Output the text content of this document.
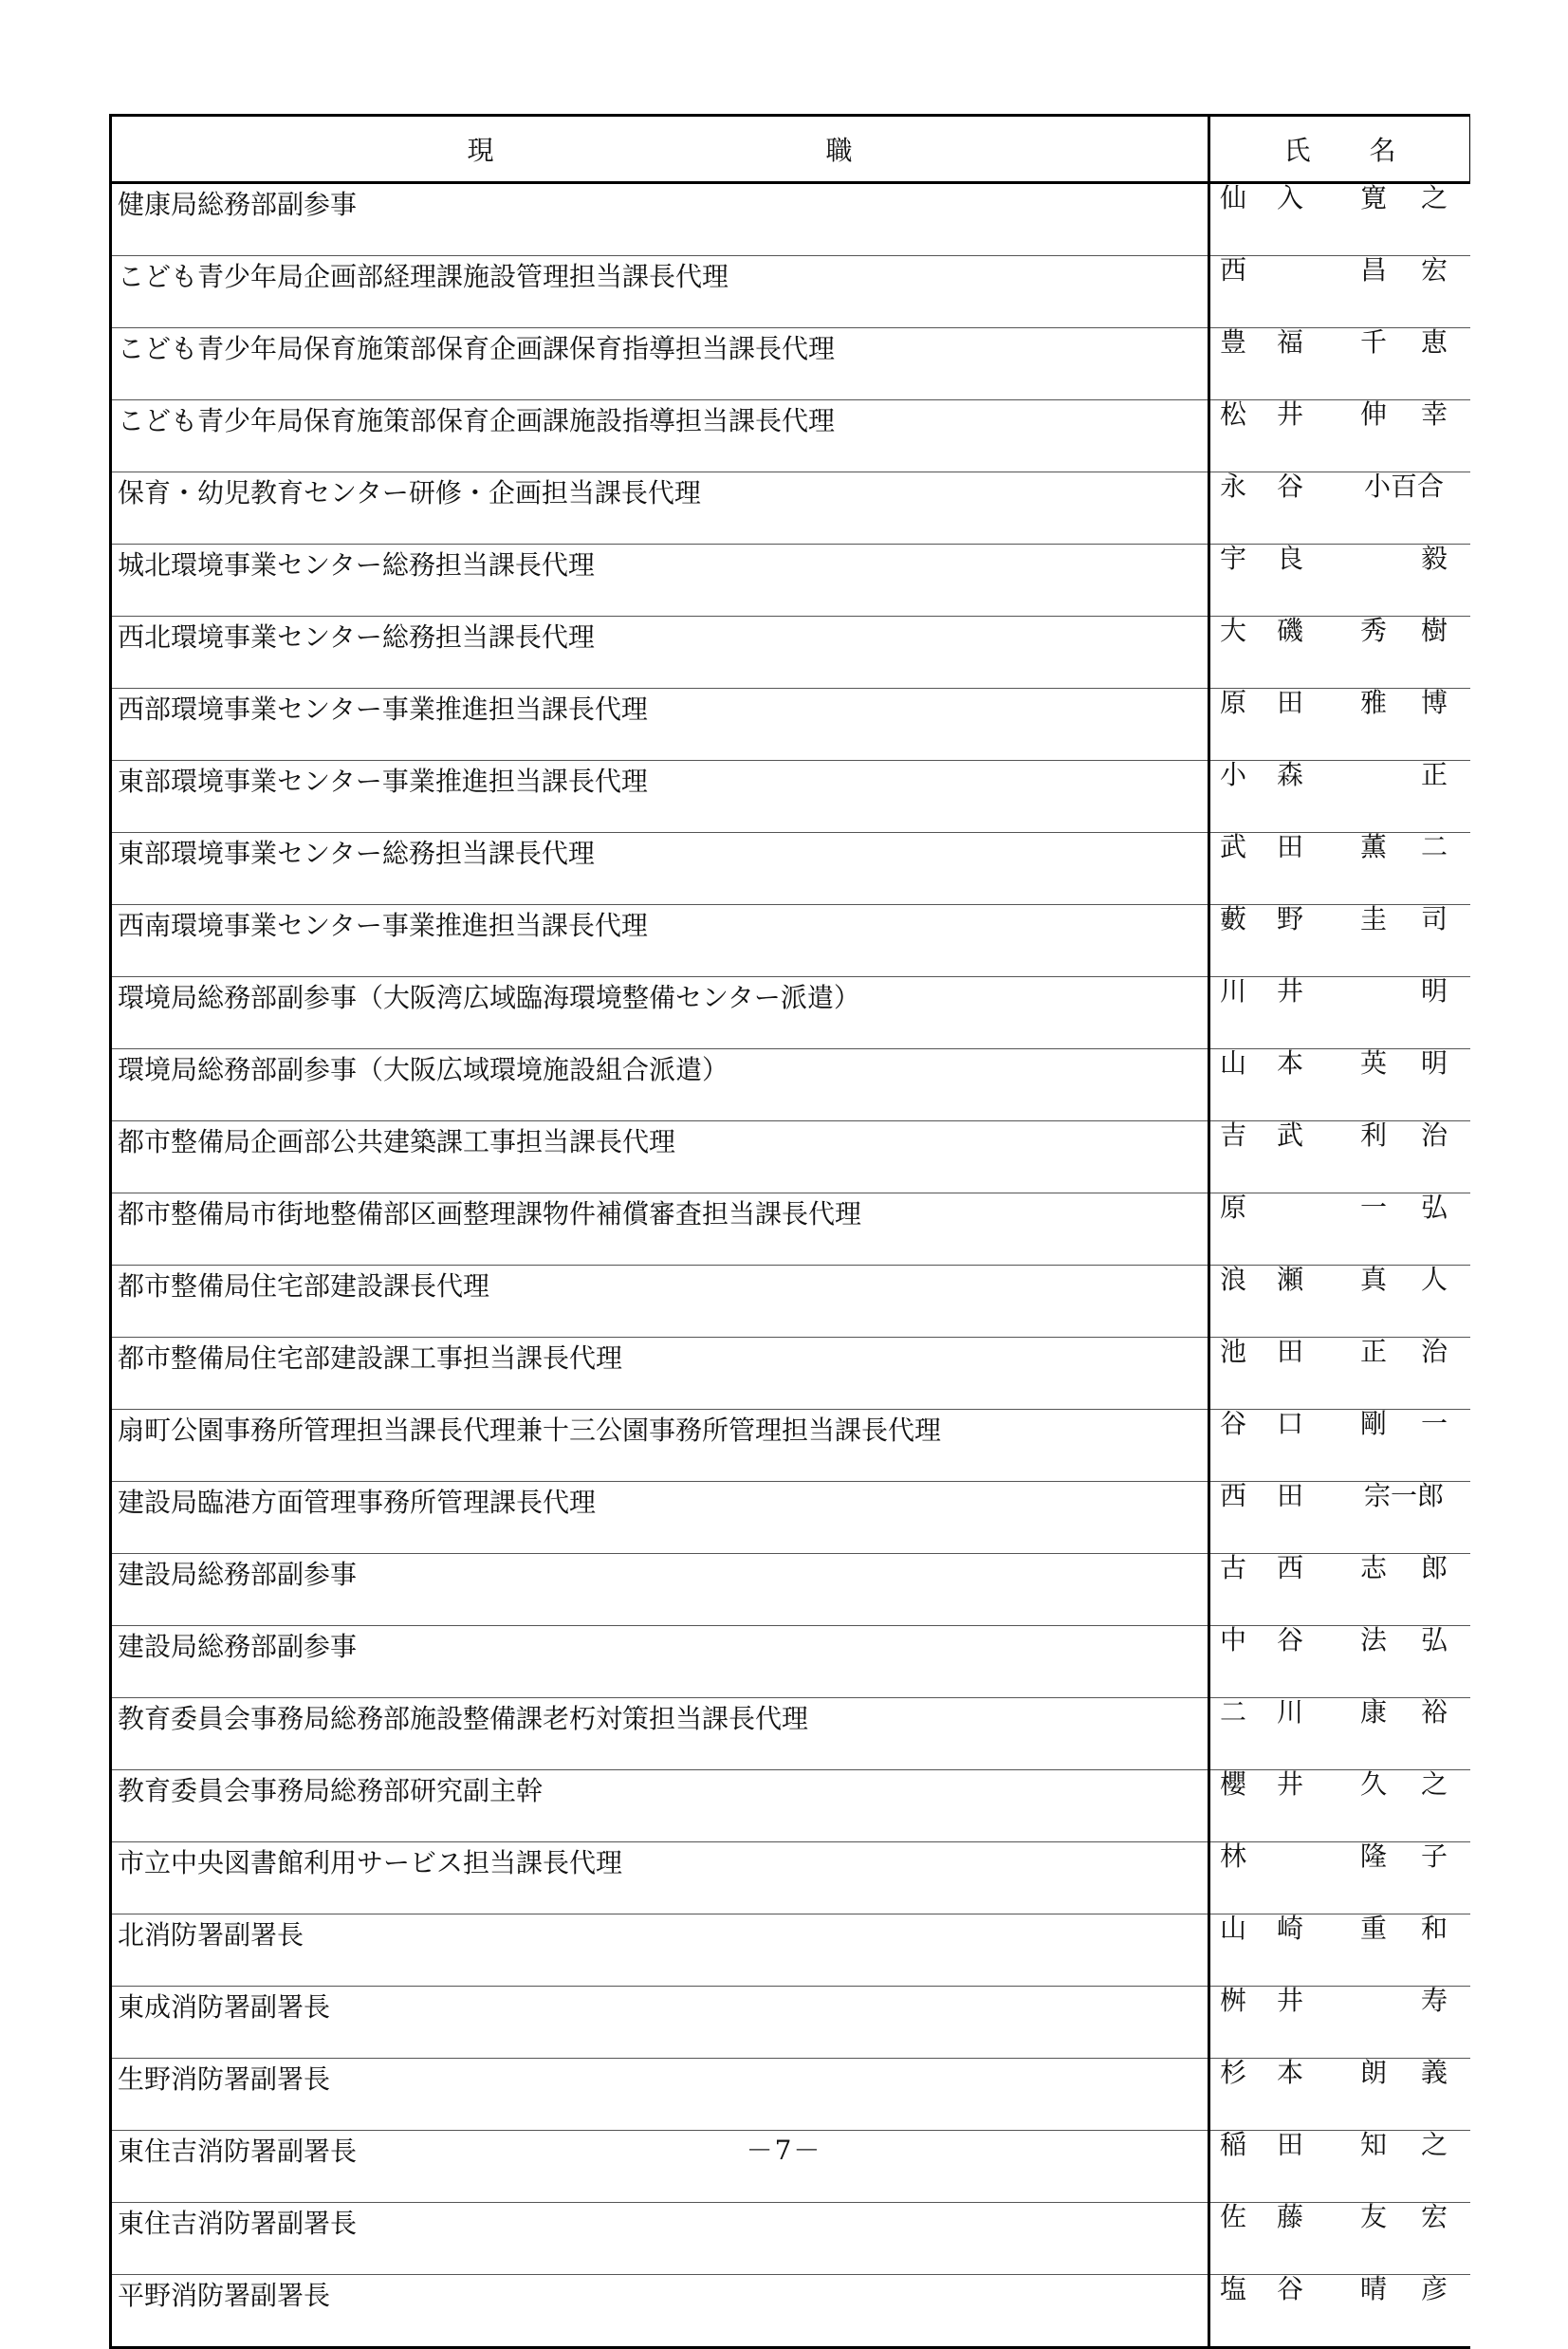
現 職	氏 名

健康局総務部副参事	仙 入 寛 之

こども青少年局企画部経理課施設管理担当課長代理	西 昌 宏

こども青少年局保育施策部保育企画課保育指導担当課長代理	豊 福 千 恵

こども青少年局保育施策部保育企画課施設指導担当課長代理	松 井 伸 幸

保育・幼児教育センター研修・企画担当課長代理	永 谷 小百合

城北環境事業センター総務担当課長代理	宇 良 毅

西北環境事業センター総務担当課長代理	大 磯 秀 樹

西部環境事業センター事業推進担当課長代理	原 田 雅 博

東部環境事業センター事業推進担当課長代理	小 森 正

東部環境事業センター総務担当課長代理	武 田 薫 二

西南環境事業センター事業推進担当課長代理	藪 野 圭 司

環境局総務部副参事（大阪湾広域臨海環境整備センター派遣）	川 井 明

環境局総務部副参事（大阪広域環境施設組合派遣）	山 本 英 明

都市整備局企画部公共建築課工事担当課長代理	吉 武 利 治

都市整備局市街地整備部区画整理課物件補償審査担当課長代理	原 一 弘

都市整備局住宅部建設課長代理	浪 瀬 真 人

都市整備局住宅部建設課工事担当課長代理	池 田 正 治

扇町公園事務所管理担当課長代理兼十三公園事務所管理担当課長代理	谷 口 剛 一

建設局臨港方面管理事務所管理課長代理	西 田 宗一郎

建設局総務部副参事	古 西 志 郎

建設局総務部副参事	中 谷 法 弘

教育委員会事務局総務部施設整備課老朽対策担当課長代理	二 川 康 裕

教育委員会事務局総務部研究副主幹	櫻 井 久 之

市立中央図書館利用サービス担当課長代理	林 隆 子

北消防署副署長	山 崎 重 和

東成消防署副署長	桝 井 寿

生野消防署副署長	杉 本 朗 義

東住吉消防署副署長	稲 田 知 之

東住吉消防署副署長	佐 藤 友 宏

平野消防署副署長	塩 谷 晴 彦
－7－
